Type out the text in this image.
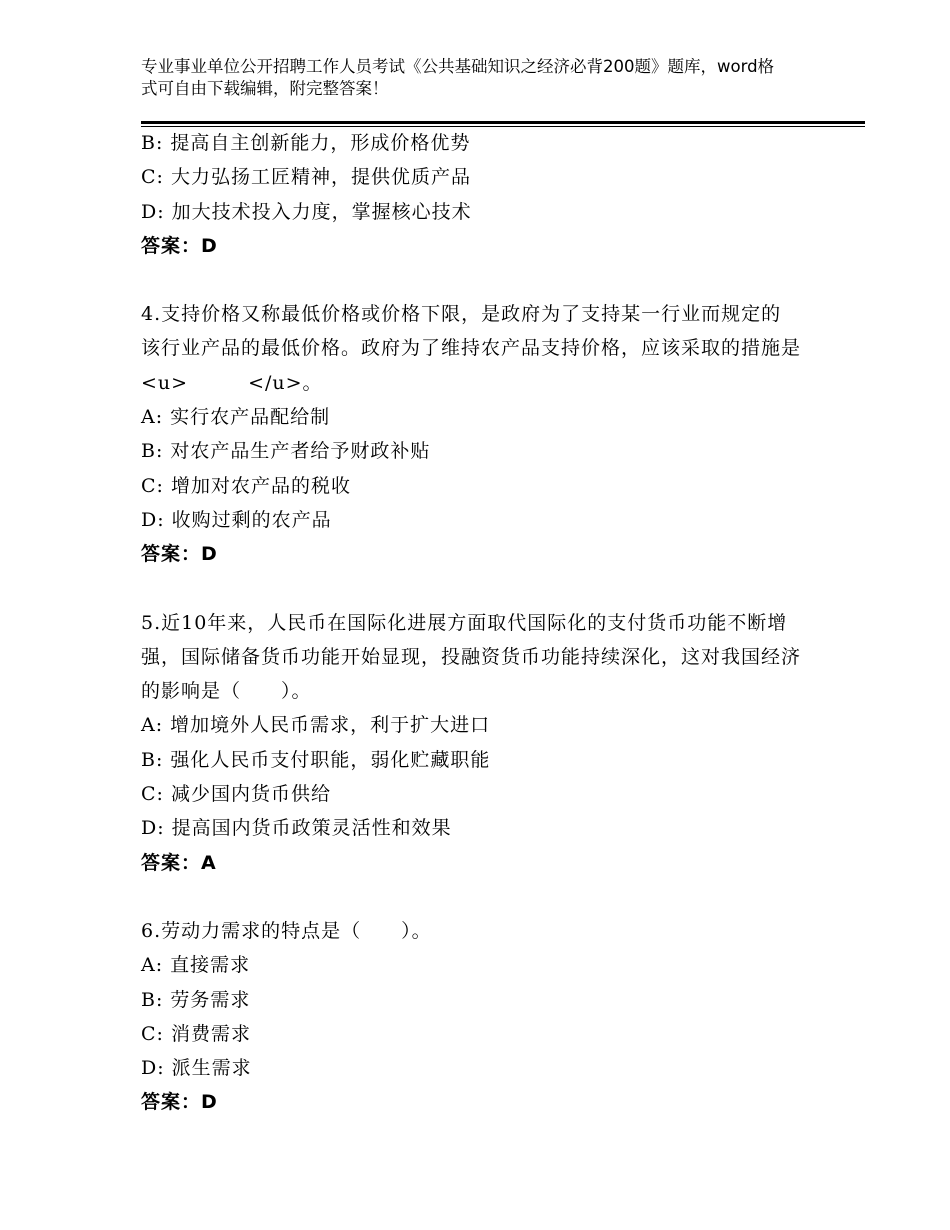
专业事业单位公开招聘工作人员考试《公共基础知识之经济必背200题》题库，word格式可自由下载编辑，附完整答案！

B: 提高自主创新能力，形成价格优势

C: 大力弘扬工匠精神，提供优质产品

D: 加大技术投入力度，掌握核心技术

答案：D

4.支持价格又称最低价格或价格下限，是政府为了支持某一行业而规定的该行业产品的最低价格。政府为了维持农产品支持价格，应该采取的措施是<u>　　　</u>。

A: 实行农产品配给制

B: 对农产品生产者给予财政补贴

C: 增加对农产品的税收

D: 收购过剩的农产品

答案：D

5.近10年来，人民币在国际化进展方面取代国际化的支付货币功能不断增强，国际储备货币功能开始显现，投融资货币功能持续深化，这对我国经济的影响是（　　）。

A: 增加境外人民币需求，利于扩大进口

B: 强化人民币支付职能，弱化贮藏职能

C: 减少国内货币供给

D: 提高国内货币政策灵活性和效果

答案：A

6.劳动力需求的特点是（　　）。

A: 直接需求

B: 劳务需求

C: 消费需求

D: 派生需求

答案：D
